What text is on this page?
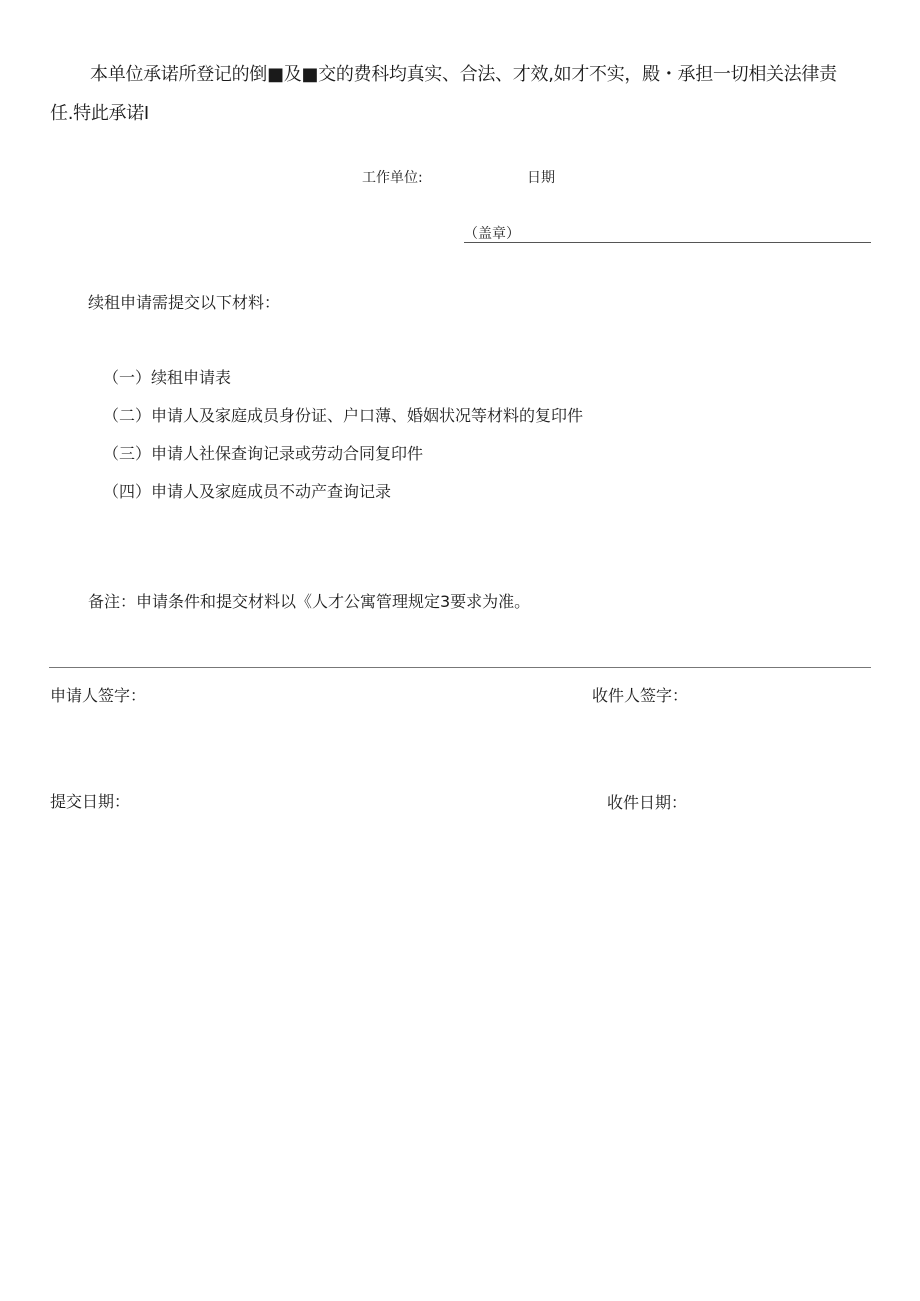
本单位承诺所登记的倒■及■交的费科均真实、合法、才效,如才不实，殿・承担一切相关法律责
任.特此承诺I
工作单位:	日期
（盖章）
续租申请需提交以下材料：
（一）续租申请表
（二）申请人及家庭成员身份证、户口薄、婚姻状况等材料的复印件
（三）申请人社保查询记录或劳动合同复印件
（四）申请人及家庭成员不动产查询记录
备注：申请条件和提交材料以《人才公寓管理规定3要求为准。
申请人签字：	收件人签字：
提交日期：	收件日期：
